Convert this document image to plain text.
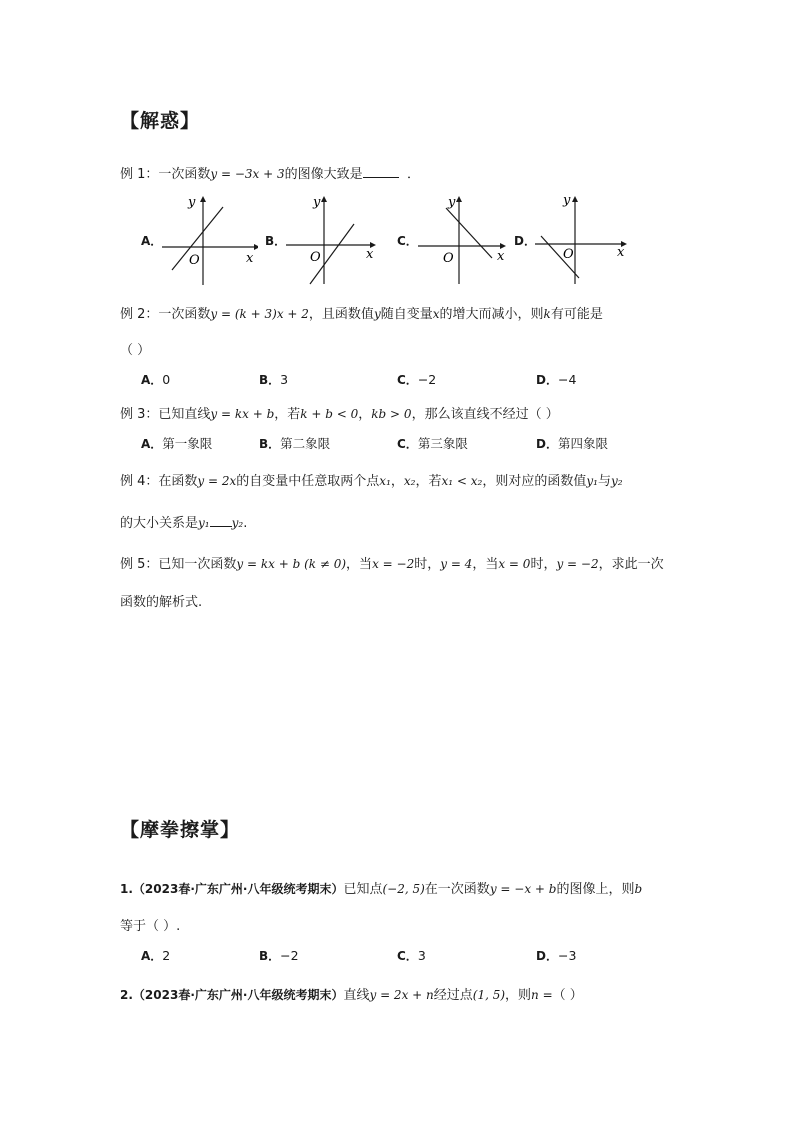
【解惑】
例 1：一次函数y = −3x + 3的图像大致是	．
A．
x
y
O
B．
x
y
O
C．
x
y
O
D．
x
y
O
例 2：一次函数y = (k + 3)x + 2，且函数值y随自变量x的增大而减小，则k有可能是
（ ）
A．0	B．3	C．−2	D．−4
例 3：已知直线y = kx + b，若k + b < 0，kb > 0，那么该直线不经过（ ）
A．第一象限	B．第二象限	C．第三象限	D．第四象限
例 4：在函数y = 2x的自变量中任意取两个点x₁，x₂，若x₁ < x₂，则对应的函数值y₁与y₂
的大小关系是y₁ y₂.
例 5：已知一次函数y = kx + b (k ≠ 0)，当x = −2时，y = 4，当x = 0时，y = −2，求此一次
函数的解析式.
【摩拳擦掌】
1.（2023春·广东广州·八年级统考期末）已知点(−2, 5)在一次函数y = −x + b的图像上，则b
等于（ ）.
A．2	B．−2	C．3	D．−3
2.（2023春·广东广州·八年级统考期末）直线y = 2x + n经过点(1, 5)，则n =（ ）
